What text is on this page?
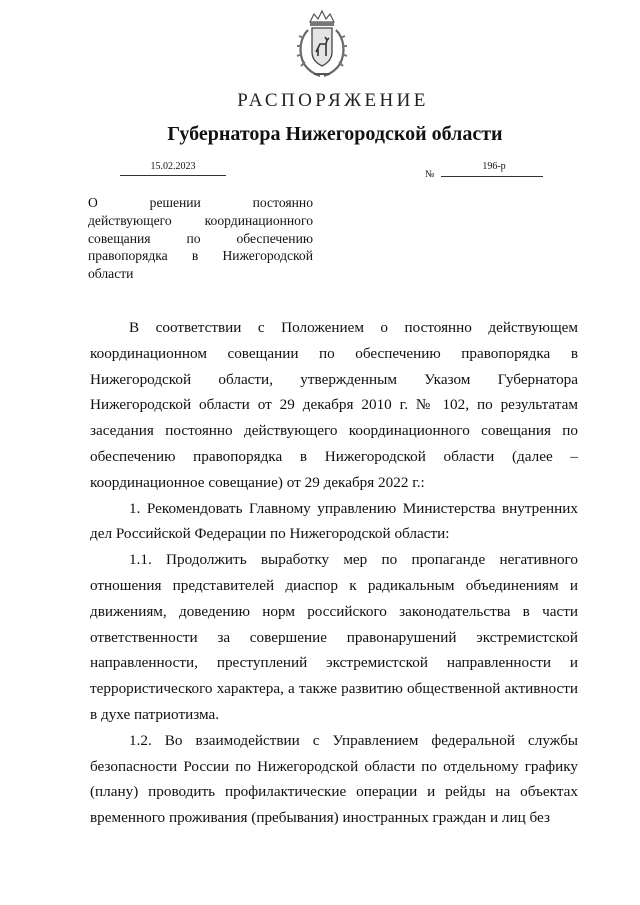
РАСПОРЯЖЕНИЕ
Губернатора Нижегородской области
15.02.2023
№
196-р
О решении постоянно
действующего координационного
совещания по обеспечению
правопорядка в Нижегородской
области

В соответствии с Положением о постоянно действующем координационном совещании по обеспечению правопорядка в Нижегородской области, утвержденным Указом Губернатора Нижегородской области от 29 декабря 2010 г. № 102, по результатам заседания постоянно действующего координационного совещания по обеспечению правопорядка в Нижегородской области (далее – координационное совещание) от 29 декабря 2022 г.:

1. Рекомендовать Главному управлению Министерства внутренних дел Российской Федерации по Нижегородской области:

1.1. Продолжить выработку мер по пропаганде негативного отношения представителей диаспор к радикальным объединениям и движениям, доведению норм российского законодательства в части ответственности за совершение правонарушений экстремистской направленности, преступлений экстремистской направленности и террористического характера, а также развитию общественной активности в духе патриотизма.

1.2. Во взаимодействии с Управлением федеральной службы безопасности России по Нижегородской области по отдельному графику (плану) проводить профилактические операции и рейды на объектах временного проживания (пребывания) иностранных граждан и лиц без
